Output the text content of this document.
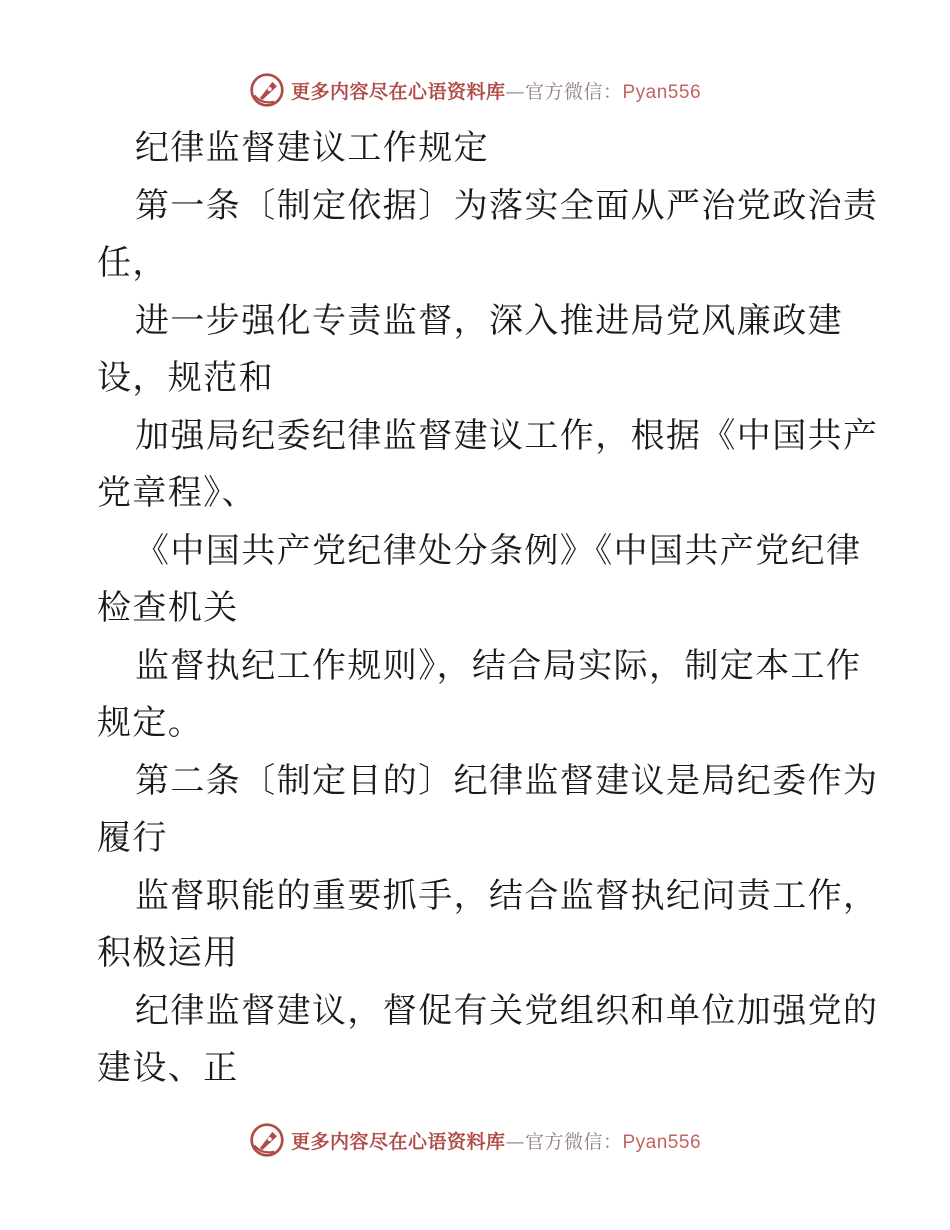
更多内容尽在心语资料库—官方微信：Pyan556
纪律监督建议工作规定
第一条〔制定依据〕为落实全面从严治党政治责
任，
进一步强化专责监督，深入推进局党风廉政建
设，规范和
加强局纪委纪律监督建议工作，根据《中国共产
党章程》、
《中国共产党纪律处分条例》《中国共产党纪律
检查机关
监督执纪工作规则》，结合局实际，制定本工作
规定。
第二条〔制定目的〕纪律监督建议是局纪委作为
履行
监督职能的重要抓手，结合监督执纪问责工作，
积极运用
纪律监督建议，督促有关党组织和单位加强党的
建设、正
更多内容尽在心语资料库—官方微信：Pyan556
